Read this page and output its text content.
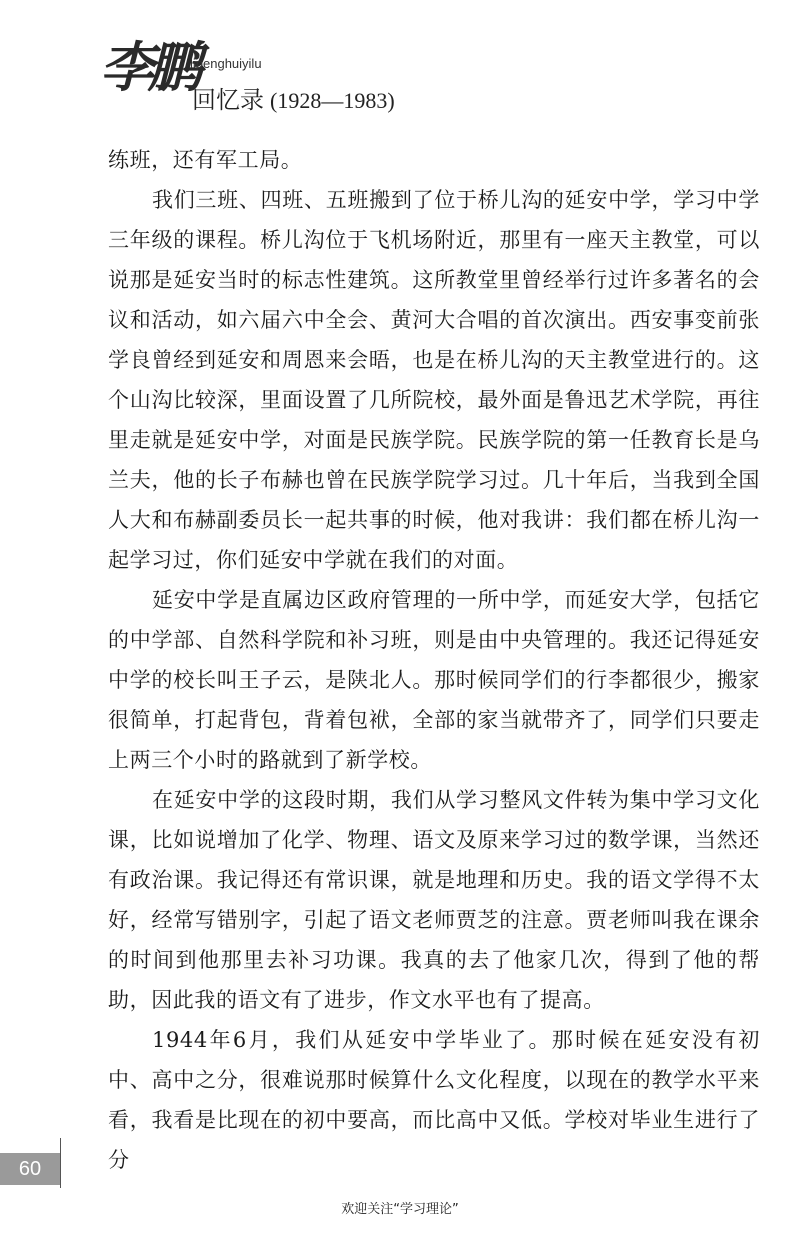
李鹏
lipenghuiyilu
回忆录 (1928—1983)

练班，还有军工局。

我们三班、四班、五班搬到了位于桥儿沟的延安中学，学习中学三年级的课程。桥儿沟位于飞机场附近，那里有一座天主教堂，可以说那是延安当时的标志性建筑。这所教堂里曾经举行过许多著名的会议和活动，如六届六中全会、黄河大合唱的首次演出。西安事变前张学良曾经到延安和周恩来会晤，也是在桥儿沟的天主教堂进行的。这个山沟比较深，里面设置了几所院校，最外面是鲁迅艺术学院，再往里走就是延安中学，对面是民族学院。民族学院的第一任教育长是乌兰夫，他的长子布赫也曾在民族学院学习过。几十年后，当我到全国人大和布赫副委员长一起共事的时候，他对我讲：我们都在桥儿沟一起学习过，你们延安中学就在我们的对面。

延安中学是直属边区政府管理的一所中学，而延安大学，包括它的中学部、自然科学院和补习班，则是由中央管理的。我还记得延安中学的校长叫王子云，是陕北人。那时候同学们的行李都很少，搬家很简单，打起背包，背着包袱，全部的家当就带齐了，同学们只要走上两三个小时的路就到了新学校。

在延安中学的这段时期，我们从学习整风文件转为集中学习文化课，比如说增加了化学、物理、语文及原来学习过的数学课，当然还有政治课。我记得还有常识课，就是地理和历史。我的语文学得不太好，经常写错别字，引起了语文老师贾芝的注意。贾老师叫我在课余的时间到他那里去补习功课。我真的去了他家几次，得到了他的帮助，因此我的语文有了进步，作文水平也有了提高。

1944年6月，我们从延安中学毕业了。那时候在延安没有初中、高中之分，很难说那时候算什么文化程度，以现在的教学水平来看，我看是比现在的初中要高，而比高中又低。学校对毕业生进行了分

60
欢迎关注“学习理论”
